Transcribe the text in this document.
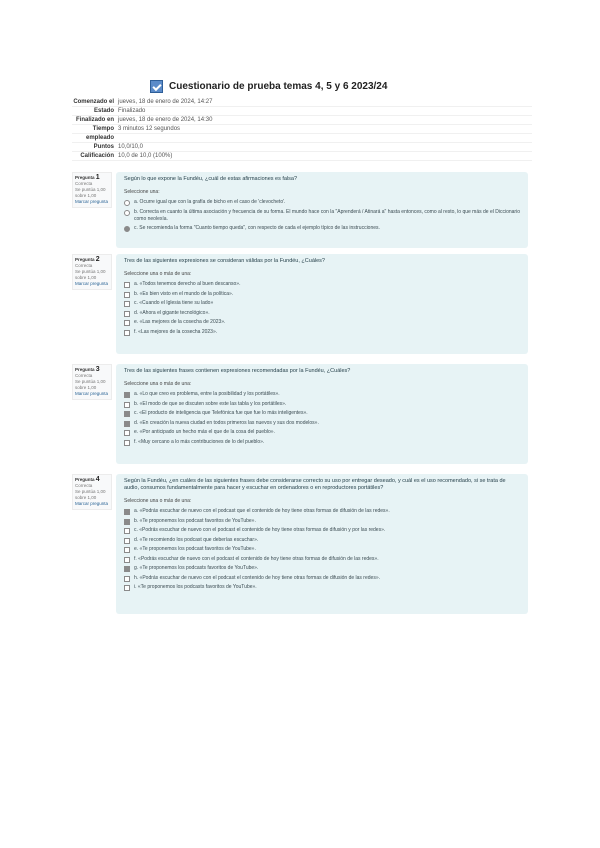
Cuestionario de prueba temas 4, 5 y 6 2023/24
Comenzado el jueves, 18 de enero de 2024, 14:27
Estado Finalizado
Finalizado en jueves, 18 de enero de 2024, 14:30
Tiempo 3 minutos 12 segundos
empleado
Puntos 10,0/10,0
Calificación 10,0 de 10,0 (100%)
Pregunta 1
Correcta
Se puntúa 1,00 sobre 1,00
Marcar pregunta
Según lo que expone la Fundéu, ¿cuál de estas afirmaciones es falsa?
Seleccione una:
a. Ocurre igual que con la grafía de bicho en el caso de 'clevocheto'.
b. Correcta en cuanto la última asociación y frecuencia de su forma. El mundo hace con la "Aprenderá / Atinará a" hasta entonces, como al resto, lo que más de el Diccionario como neolexía.
c. Se recomienda la forma "Cuanto tiempo queda", con respecto de cada el ejemplo típico de las instrucciones.
Pregunta 2
Correcta
Se puntúa 1,00 sobre 1,00
Marcar pregunta
Tres de las siguientes expresiones se consideran válidas por la Fundéu, ¿Cuáles?
Seleccione una o más de una:
a. «Todos tenemos derecho al buen descanso».
b. «Es bien visto en el mundo de la política».
c. «Cuando el Iglesia tiene su lado»
d. «Ahora el gigante tecnológico».
e. «Las mejores de la cosecha de 2023».
f. «Las mejores de la cosecha 2023».
Pregunta 3
Correcta
Se puntúa 1,00 sobre 1,00
Marcar pregunta
Tres de las siguientes frases contienen expresiones recomendadas por la Fundéu, ¿Cuáles?
Seleccione una o más de una:
a. «Lo que creo es problema, entre la posibilidad y los portátiles».
b. «El modo de que se discuten sobre este las tabla y los portátiles».
c. «El producto de inteligencia que Telefónica fue que fue lo más inteligentes».
d. «En creación la nueva ciudad en todos primeros las nuevos y sus dos modelos».
e. «Por anticipado un hecho más el que de la cosa del pueblo».
f. «Muy cercano a lo más contribuciones de lo del pueblo».
Pregunta 4
Correcta
Se puntúa 1,00 sobre 1,00
Marcar pregunta
Según la Fundéu, ¿en cuáles de las siguientes frases debe considerarse correcto su uso por entregar deseado, y cuál es el uso recomendado, si se trata de audio, consumos fundamentalmente para hacer y escuchar en ordenadores o en reproductores portátiles?
Seleccione una o más de una:
a. «Podrás escuchar de nuevo con el podcast que el contenido de hoy tiene otras formas de difusión de las redes».
b. «Te proponemos los podcast favoritos de YouTube».
c. «Podrás escuchar de nuevo con el podcast el contenido de hoy tiene otras formas de difusión y por las redes».
d. «Te recomiendo los podcast que deberías escuchar».
e. «Te proponemos los podcast favoritos de YouTube».
f. «Podrás escuchar de nuevo con el podcast el contenido de hoy tiene otras formas de difusión de las redes».
g. «Te proponemos los podcasts favoritos de YouTube».
h. «Podrás escuchar de nuevo con el podcast el contenido de hoy tiene otras formas de difusión de las redes».
i. «Te proponemos los podcasts favoritos de YouTube».
